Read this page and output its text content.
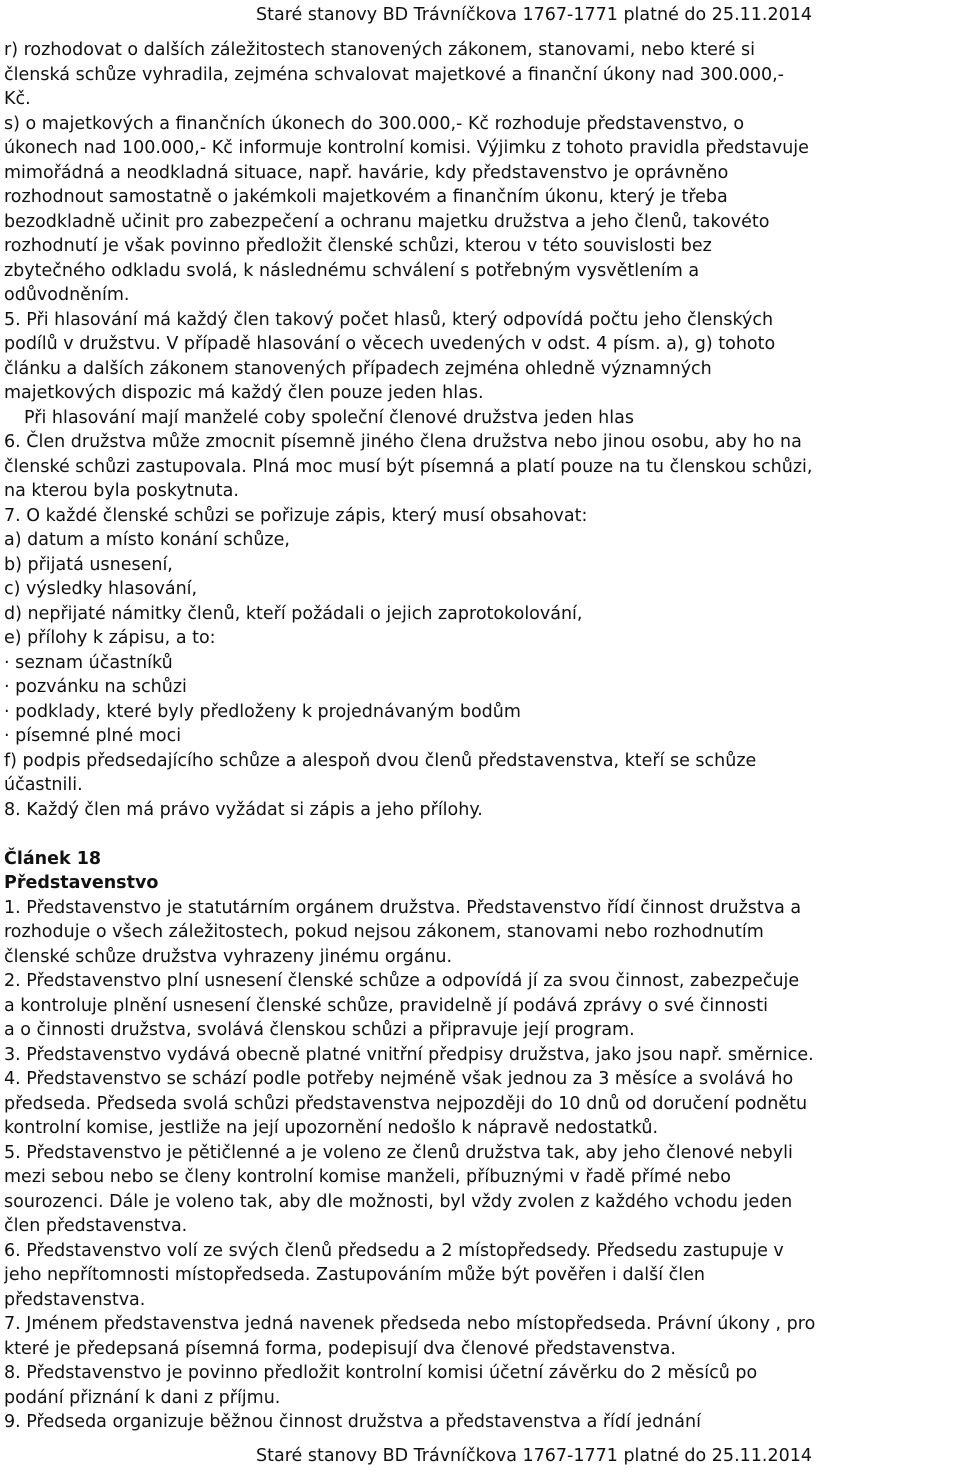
Staré stanovy BD Trávníčkova 1767-1771 platné do 25.11.2014
r) rozhodovat o dalších záležitostech stanovených zákonem, stanovami, nebo které si
členská schůze vyhradila, zejména schvalovat majetkové a finanční úkony nad 300.000,-
Kč.
s) o majetkových a finančních úkonech do 300.000,- Kč rozhoduje představenstvo, o
úkonech nad 100.000,- Kč informuje kontrolní komisi. Výjimku z tohoto pravidla představuje
mimořádná a neodkladná situace, např. havárie, kdy představenstvo je oprávněno
rozhodnout samostatně o jakémkoli majetkovém a finančním úkonu, který je třeba
bezodkladně učinit pro zabezpečení a ochranu majetku družstva a jeho členů, takovéto
rozhodnutí je však povinno předložit členské schůzi, kterou v této souvislosti bez
zbytečného odkladu svolá, k následnému schválení s potřebným vysvětlením a
odůvodněním.
5. Při hlasování má každý člen takový počet hlasů, který odpovídá počtu jeho členských
podílů v družstvu. V případě hlasování o věcech uvedených v odst. 4 písm. a), g) tohoto
článku a dalších zákonem stanovených případech zejména ohledně významných
majetkových dispozic má každý člen pouze jeden hlas.
Při hlasování mají manželé coby společní členové družstva jeden hlas
6. Člen družstva může zmocnit písemně jiného člena družstva nebo jinou osobu, aby ho na
členské schůzi zastupovala. Plná moc musí být písemná a platí pouze na tu členskou schůzi,
na kterou byla poskytnuta.
7. O každé členské schůzi se pořizuje zápis, který musí obsahovat:
a) datum a místo konání schůze,
b) přijatá usnesení,
c) výsledky hlasování,
d) nepřijaté námitky členů, kteří požádali o jejich zaprotokolování,
e) přílohy k zápisu, a to:
· seznam účastníků
· pozvánku na schůzi
· podklady, které byly předloženy k projednávaným bodům
· písemné plné moci
f) podpis předsedajícího schůze a alespoň dvou členů představenstva, kteří se schůze
účastnili.
8. Každý člen má právo vyžádat si zápis a jeho přílohy.
Článek 18
Představenstvo
1. Představenstvo je statutárním orgánem družstva. Představenstvo řídí činnost družstva a
rozhoduje o všech záležitostech, pokud nejsou zákonem, stanovami nebo rozhodnutím
členské schůze družstva vyhrazeny jinému orgánu.
2. Představenstvo plní usnesení členské schůze a odpovídá jí za svou činnost, zabezpečuje
a kontroluje plnění usnesení členské schůze, pravidelně jí podává zprávy o své činnosti
a o činnosti družstva, svolává členskou schůzi a připravuje její program.
3. Představenstvo vydává obecně platné vnitřní předpisy družstva, jako jsou např. směrnice.
4. Představenstvo se schází podle potřeby nejméně však jednou za 3 měsíce a svolává ho
předseda. Předseda svolá schůzi představenstva nejpozději do 10 dnů od doručení podnětu
kontrolní komise, jestliže na její upozornění nedošlo k nápravě nedostatků.
5. Představenstvo je pětičlenné a je voleno ze členů družstva tak, aby jeho členové nebyli
mezi sebou nebo se členy kontrolní komise manželi, příbuznými v řadě přímé nebo
sourozenci. Dále je voleno tak, aby dle možnosti, byl vždy zvolen z každého vchodu jeden
člen představenstva.
6. Představenstvo volí ze svých členů předsedu a 2 místopředsedy. Předsedu zastupuje v
jeho nepřítomnosti místopředseda. Zastupováním může být pověřen i další člen
představenstva.
7. Jménem představenstva jedná navenek předseda nebo místopředseda. Právní úkony , pro
které je předepsaná písemná forma, podepisují dva členové představenstva.
8. Představenstvo je povinno předložit kontrolní komisi účetní závěrku do 2 měsíců po
podání přiznání k dani z příjmu.
9. Předseda organizuje běžnou činnost družstva a představenstva a řídí jednání
Staré stanovy BD Trávníčkova 1767-1771 platné do 25.11.2014
